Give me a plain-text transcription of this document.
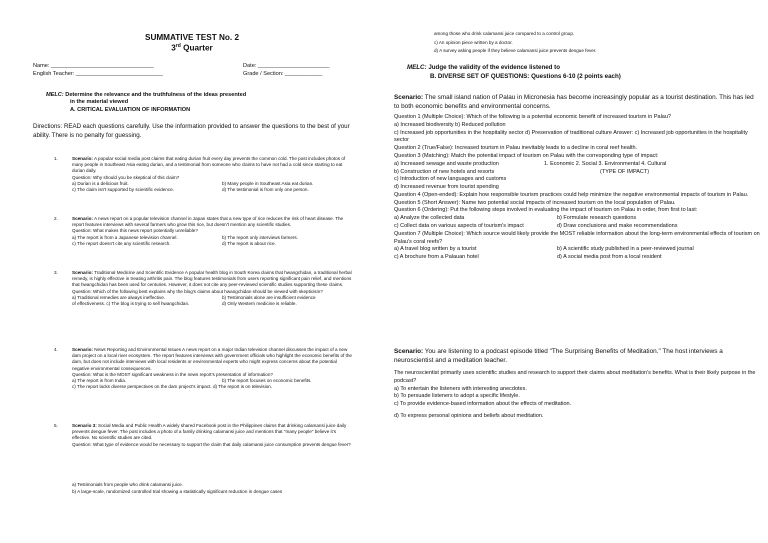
SUMMATIVE TEST No. 2
3rd Quarter
Name: _________________________________	Date: _______________________
English Teacher: ____________________________	Grade / Section: ____________
MELC: Determine the relevance and the truthfulness of the ideas presented
in the material viewed
A. CRITICAL EVALUATION OF INFORMATION
Directions: READ each questions carefully. Use the information provided to answer the questions to the best of your ability. There is no penalty for guessing.
1.	Scenario: A popular social media post claims that eating durian fruit every day prevents the common cold. The post includes photos of many people in Southeast Asia eating durian, and a testimonial from someone who claims to have not had a cold since starting to eat durian daily.
Question: Why should you be skeptical of this claim?
a) Durian is a delicious fruit.	b) Many people in Southeast Asia eat durian.
c) The claim isn't supported by scientific evidence.	d) The testimonial is from only one person.
2.	Scenario: A news report on a popular television channel in Japan states that a new type of rice reduces the risk of heart disease. The report features interviews with several farmers who grow this rice, but doesn't mention any scientific studies.
Question: What makes this news report potentially unreliable?
a) The report is from a Japanese television channel.	b) The report only interviews farmers.
c) The report doesn't cite any scientific research.	d) The report is about rice.
3.	Scenario: Traditional Medicine and Scientific Evidence A popular health blog in South Korea claims that hwangchidan, a traditional herbal remedy, is highly effective in treating arthritis pain. The blog features testimonials from users reporting significant pain relief, and mentions that hwangchidan has been used for centuries. However, it does not cite any peer-reviewed scientific studies supporting these claims.
Question: Which of the following best explains why the blog's claims about hwangchidan should be viewed with skepticism?
a) Traditional remedies are always ineffective.	b) Testimonials alone are insufficient evidence
of effectiveness. c) The blog is trying to sell hwangchidan.	d) Only Western medicine is reliable.
4.	Scenario: News Reporting and Environmental Issues A news report on a major Indian television channel discusses the impact of a new dam project on a local river ecosystem. The report features interviews with government officials who highlight the economic benefits of the dam, but does not include interviews with local residents or environmental experts who might express concerns about the potential negative environmental consequences.
Question: What is the MOST significant weakness in the news report's presentation of information?
a) The report is from India.	b) The report focuses on economic benefits.
c) The report lacks diverse perspectives on the dam project's impact. d) The report is on television.
5.	Scenario 3: Social Media and Public Health A widely shared Facebook post in the Philippines claims that drinking calamansi juice daily prevents dengue fever. The post includes a photo of a family drinking calamansi juice and mentions that "many people" believe it's effective. No scientific studies are cited.
Question: What type of evidence would be necessary to support the claim that daily calamansi juice consumption prevents dengue fever?
a) Testimonials from people who drink calamansi juice.
b) A large-scale, randomized controlled trial showing a statistically significant reduction in dengue cases
among those who drink calamansi juice compared to a control group.
c) An opinion piece written by a doctor.
d) A survey asking people if they believe calamansi juice prevents dengue fever.
MELC: Judge the validity of the evidence listened to
B. DIVERSE SET OF QUESTIONS: Questions 6-10 (2 points each)
Scenario: The small island nation of Palau in Micronesia has become increasingly popular as a tourist destination. This has led to both economic benefits and environmental concerns.
Question 1 (Multiple Choice): Which of the following is a potential economic benefit of increased tourism in Palau?
a) Increased biodiversity b) Reduced pollution
c) Increased job opportunities in the hospitality sector d) Preservation of traditional culture Answer: c) Increased job opportunities in the hospitality sector
Question 2 (True/False): Increased tourism in Palau inevitably leads to a decline in coral reef health.
Question 3 (Matching): Match the potential impact of tourism on Palau with the corresponding type of impact:
a) Increased sewage and waste production	1. Economic 2. Social 3. Environmental 4. Cultural
b) Construction of new hotels and resorts	(TYPE OF IMPACT)
c) Introduction of new languages and customs
d) Increased revenue from tourist spending
Question 4 (Open-ended): Explain how responsible tourism practices could help minimize the negative environmental impacts of tourism in Palau.
Question 5 (Short Answer): Name two potential social impacts of increased tourism on the local population of Palau.
Question 6 (Ordering): Put the following steps involved in evaluating the impact of tourism on Palau in order, from first to last:
a) Analyze the collected data	b) Formulate research questions
c) Collect data on various aspects of tourism's impact	d) Draw conclusions and make recommendations
Question 7 (Multiple Choice): Which source would likely provide the MOST reliable information about the long-term environmental effects of tourism on Palau's coral reefs?
a) A travel blog written by a tourist	b) A scientific study published in a peer-reviewed journal
c) A brochure from a Palauan hotel	d) A social media post from a local resident
Scenario: You are listening to a podcast episode titled "The Surprising Benefits of Meditation." The host interviews a neuroscientist and a meditation teacher.
The neuroscientist primarily uses scientific studies and research to support their claims about meditation's benefits. What is their likely purpose in the podcast?
a) To entertain the listeners with interesting anecdotes.
b) To persuade listeners to adopt a specific lifestyle.
c) To provide evidence-based information about the effects of meditation.
d) To express personal opinions and beliefs about meditation.
